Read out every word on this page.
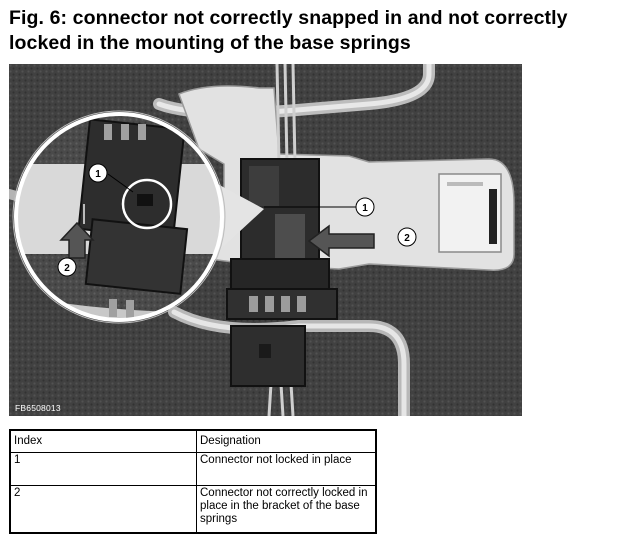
Fig. 6: connector not correctly snapped in and not correctly locked in the mounting of the base springs
1
2
1
2
FB6508013
Index	Designation
1	Connector not locked in place
2	Connector not correctly locked in place in the bracket of the base springs
